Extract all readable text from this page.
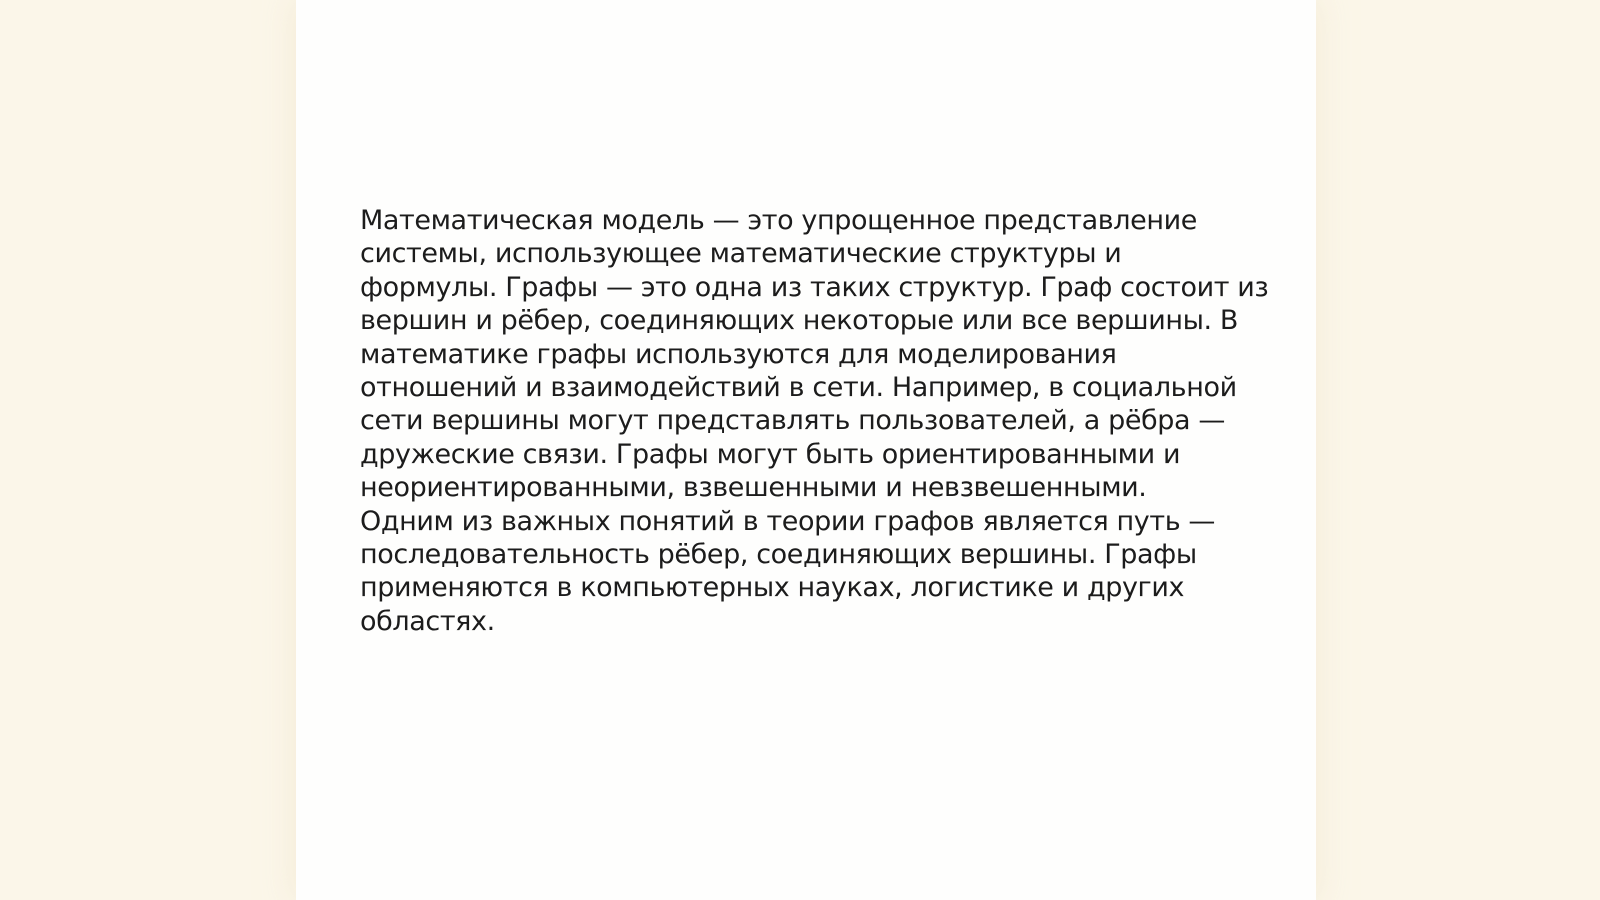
Математическая модель — это упрощенное представление
системы, использующее математические структуры и
формулы. Графы — это одна из таких структур. Граф состоит из
вершин и рёбер, соединяющих некоторые или все вершины. В
математике графы используются для моделирования
отношений и взаимодействий в сети. Например, в социальной
сети вершины могут представлять пользователей, а рёбра —
дружеские связи. Графы могут быть ориентированными и
неориентированными, взвешенными и невзвешенными.
Одним из важных понятий в теории графов является путь —
последовательность рёбер, соединяющих вершины. Графы
применяются в компьютерных науках, логистике и других
областях.
